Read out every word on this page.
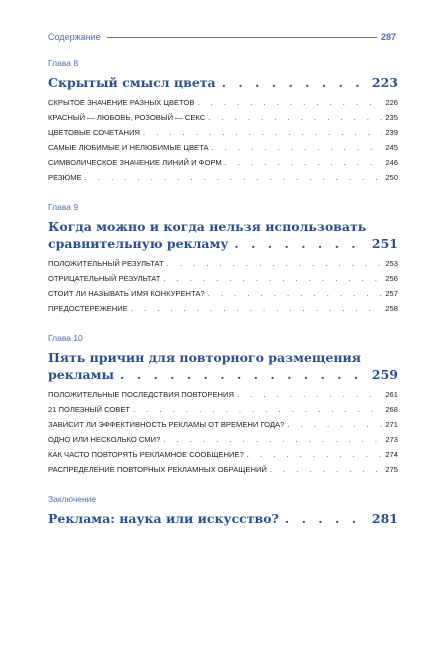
Содержание	287
Глава 8
Скрытый смысл цвета . . .	223
СКРЫТОЕ ЗНАЧЕНИЕ РАЗНЫХ ЦВЕТОВ . . .	226
КРАСНЫЙ — ЛЮБОВЬ, РОЗОВЫЙ — СЕКС . . .	235
ЦВЕТОВЫЕ СОЧЕТАНИЯ . . .	239
САМЫЕ ЛЮБИМЫЕ И НЕЛЮБИМЫЕ ЦВЕТА . . .	245
СИМВОЛИЧЕСКОЕ ЗНАЧЕНИЕ ЛИНИЙ И ФОРМ . . .	246
РЕЗЮМЕ . . .	250
Глава 9
Когда можно и когда нельзя использовать
сравнительную рекламу . . .	251
ПОЛОЖИТЕЛЬНЫЙ РЕЗУЛЬТАТ . . .	253
ОТРИЦАТЕЛЬНЫЙ РЕЗУЛЬТАТ . . .	256
СТОИТ ЛИ НАЗЫВАТЬ ИМЯ КОНКУРЕНТА? . . .	257
ПРЕДОСТЕРЕЖЕНИЕ . . .	258
Глава 10
Пять причин для повторного размещения
рекламы . . .	259
ПОЛОЖИТЕЛЬНЫЕ ПОСЛЕДСТВИЯ ПОВТОРЕНИЯ . . .	261
21 ПОЛЕЗНЫЙ СОВЕТ . . .	268
ЗАВИСИТ ЛИ ЭФФЕКТИВНОСТЬ РЕКЛАМЫ ОТ ВРЕМЕНИ ГОДА? . . .	271
ОДНО ИЛИ НЕСКОЛЬКО СМИ? . . .	273
КАК ЧАСТО ПОВТОРЯТЬ РЕКЛАМНОЕ СООБЩЕНИЕ? . . .	274
РАСПРЕДЕЛЕНИЕ ПОВТОРНЫХ РЕКЛАМНЫХ ОБРАЩЕНИЙ . . .	275
Заключение
Реклама: наука или искусство? . . .	281
